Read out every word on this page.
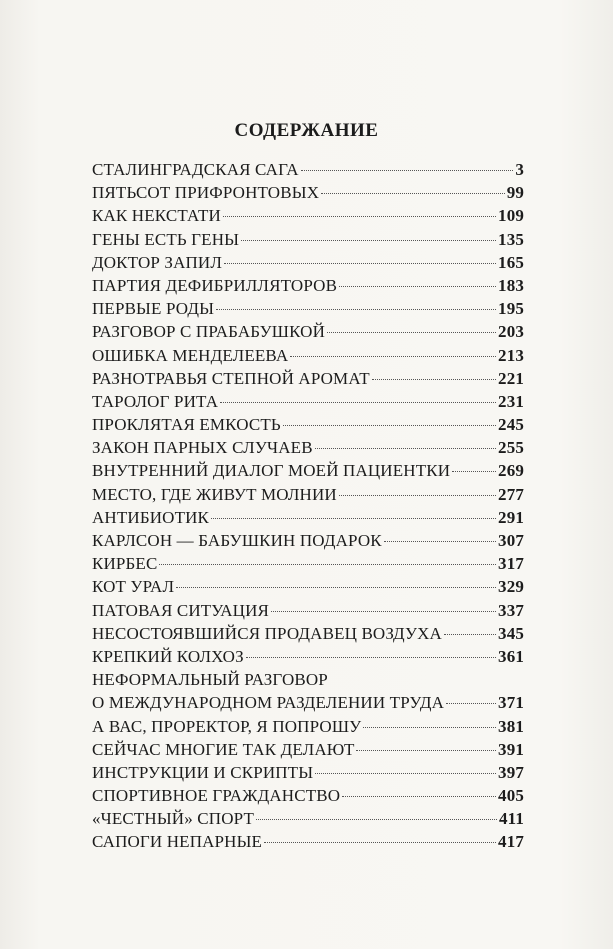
СОДЕРЖАНИЕ
СТАЛИНГРАДСКАЯ САГА	3
ПЯТЬСОТ ПРИФРОНТОВЫХ	99
КАК НЕКСТАТИ	109
ГЕНЫ ЕСТЬ ГЕНЫ	135
ДОКТОР ЗАПИЛ	165
ПАРТИЯ ДЕФИБРИЛЛЯТОРОВ	183
ПЕРВЫЕ РОДЫ	195
РАЗГОВОР С ПРАБАБУШКОЙ	203
ОШИБКА МЕНДЕЛЕЕВА	213
РАЗНОТРАВЬЯ СТЕПНОЙ АРОМАТ	221
ТАРОЛОГ РИТА	231
ПРОКЛЯТАЯ ЕМКОСТЬ	245
ЗАКОН ПАРНЫХ СЛУЧАЕВ	255
ВНУТРЕННИЙ ДИАЛОГ МОЕЙ ПАЦИЕНТКИ	269
МЕСТО, ГДЕ ЖИВУТ МОЛНИИ	277
АНТИБИОТИК	291
КАРЛСОН — БАБУШКИН ПОДАРОК	307
КИРБЕС	317
КОТ УРАЛ	329
ПАТОВАЯ СИТУАЦИЯ	337
НЕСОСТОЯВШИЙСЯ ПРОДАВЕЦ ВОЗДУХА	345
КРЕПКИЙ КОЛХОЗ	361
НЕФОРМАЛЬНЫЙ РАЗГОВОР
О МЕЖДУНАРОДНОМ РАЗДЕЛЕНИИ ТРУДА	371
А ВАС, ПРОРЕКТОР, Я ПОПРОШУ	381
СЕЙЧАС МНОГИЕ ТАК ДЕЛАЮТ	391
ИНСТРУКЦИИ И СКРИПТЫ	397
СПОРТИВНОЕ ГРАЖДАНСТВО	405
«ЧЕСТНЫЙ» СПОРТ	411
САПОГИ НЕПАРНЫЕ	417
